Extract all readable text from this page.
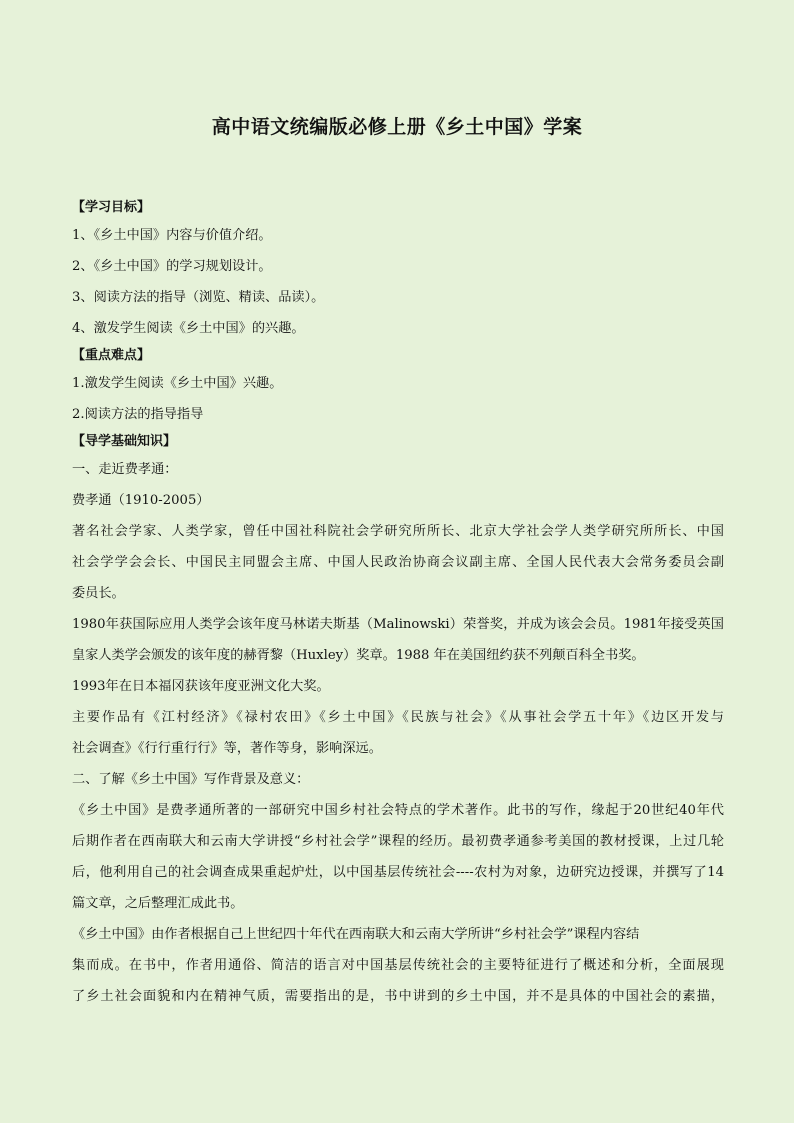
高中语文统编版必修上册《乡土中国》学案
【学习目标】
1、《乡土中国》内容与价值介绍。
2、《乡土中国》的学习规划设计。
3、阅读方法的指导（浏览、精读、品读）。
4、激发学生阅读《乡土中国》的兴趣。
【重点难点】
1.激发学生阅读《乡土中国》兴趣。
2.阅读方法的指导指导
【导学基础知识】
一、走近费孝通：
费孝通（1910-2005）
著名社会学家、人类学家，曾任中国社科院社会学研究所所长、北京大学社会学人类学研究所所长、中国
社会学学会会长、中国民主同盟会主席、中国人民政治协商会议副主席、全国人民代表大会常务委员会副
委员长。
1980年获国际应用人类学会该年度马林诺夫斯基（Malinowski）荣誉奖，并成为该会会员。1981年接受英国
皇家人类学会颁发的该年度的赫胥黎（Huxley）奖章。1988 年在美国纽约获不列颠百科全书奖。
1993年在日本福冈获该年度亚洲文化大奖。
主要作品有《江村经济》《禄村农田》《乡土中国》《民族与社会》《从事社会学五十年》《边区开发与
社会调查》《行行重行行》等，著作等身，影响深远。
二、了解《乡土中国》写作背景及意义：
《乡土中国》是费孝通所著的一部研究中国乡村社会特点的学术著作。此书的写作，缘起于20世纪40年代
后期作者在西南联大和云南大学讲授“乡村社会学”课程的经历。最初费孝通参考美国的教材授课，上过几轮
后，他利用自己的社会调查成果重起炉灶，以中国基层传统社会----农村为对象，边研究边授课，并撰写了14
篇文章，之后整理汇成此书。
《乡土中国》由作者根据自己上世纪四十年代在西南联大和云南大学所讲“乡村社会学”课程内容结
集而成。在书中，作者用通俗、简洁的语言对中国基层传统社会的主要特征进行了概述和分析，全面展现
了乡土社会面貌和内在精神气质，需要指出的是，书中讲到的乡土中国，并不是具体的中国社会的素描，
